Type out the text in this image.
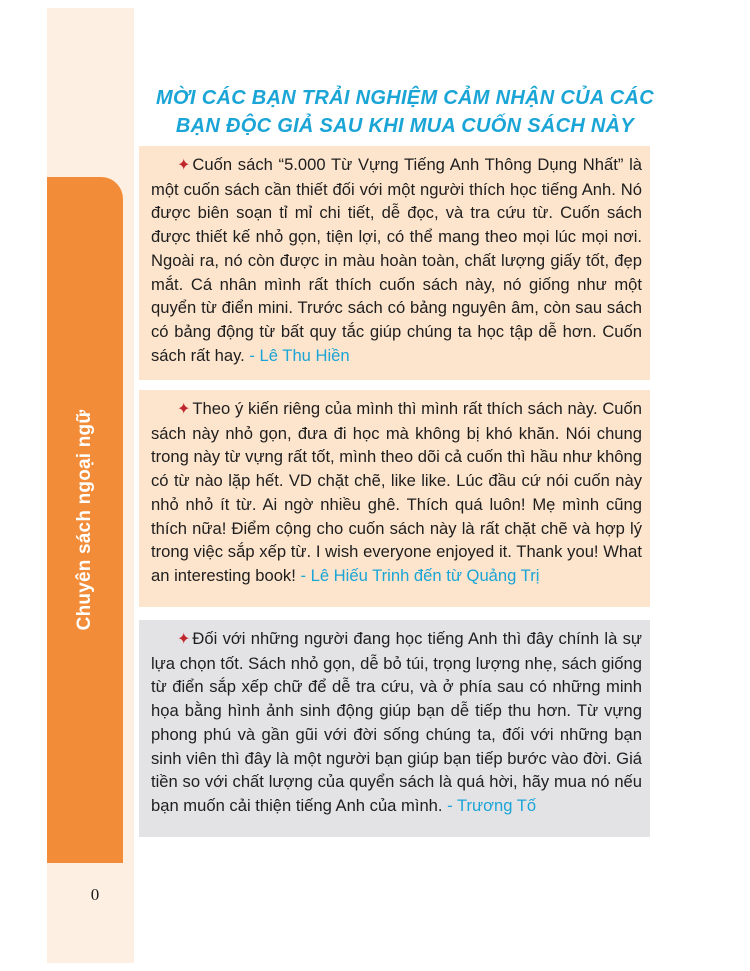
Chuyên sách ngoại ngữ
0
MỜI CÁC BẠN TRẢI NGHIỆM CẢM NHẬN CỦA CÁC
BẠN ĐỘC GIẢ SAU KHI MUA CUỐN SÁCH NÀY
✦ Cuốn sách “5.000 Từ Vựng Tiếng Anh Thông Dụng Nhất” là một cuốn sách cần thiết đối với một người thích học tiếng Anh. Nó được biên soạn tỉ mỉ chi tiết, dễ đọc, và tra cứu từ. Cuốn sách được thiết kế nhỏ gọn, tiện lợi, có thể mang theo mọi lúc mọi nơi. Ngoài ra, nó còn được in màu hoàn toàn, chất lượng giấy tốt, đẹp mắt. Cá nhân mình rất thích cuốn sách này, nó giống như một quyển từ điển mini. Trước sách có bảng nguyên âm, còn sau sách có bảng động từ bất quy tắc giúp chúng ta học tập dễ hơn. Cuốn sách rất hay. - Lê Thu Hiền
✦ Theo ý kiến riêng của mình thì mình rất thích sách này. Cuốn sách này nhỏ gọn, đưa đi học mà không bị khó khăn. Nói chung trong này từ vựng rất tốt, mình theo dõi cả cuốn thì hầu như không có từ nào lặp hết. VD chặt chẽ, like like. Lúc đầu cứ nói cuốn này nhỏ nhỏ ít từ. Ai ngờ nhiều ghê. Thích quá luôn! Mẹ mình cũng thích nữa! Điểm cộng cho cuốn sách này là rất chặt chẽ và hợp lý trong việc sắp xếp từ. I wish everyone enjoyed it. Thank you! What an interesting book! - Lê Hiếu Trinh đến từ Quảng Trị
✦ Đối với những người đang học tiếng Anh thì đây chính là sự lựa chọn tốt. Sách nhỏ gọn, dễ bỏ túi, trọng lượng nhẹ, sách giống từ điển sắp xếp chữ để dễ tra cứu, và ở phía sau có những minh họa bằng hình ảnh sinh động giúp bạn dễ tiếp thu hơn. Từ vựng phong phú và gần gũi với đời sống chúng ta, đối với những bạn sinh viên thì đây là một người bạn giúp bạn tiếp bước vào đời. Giá tiền so với chất lượng của quyển sách là quá hời, hãy mua nó nếu bạn muốn cải thiện tiếng Anh của mình. - Trương Tố
